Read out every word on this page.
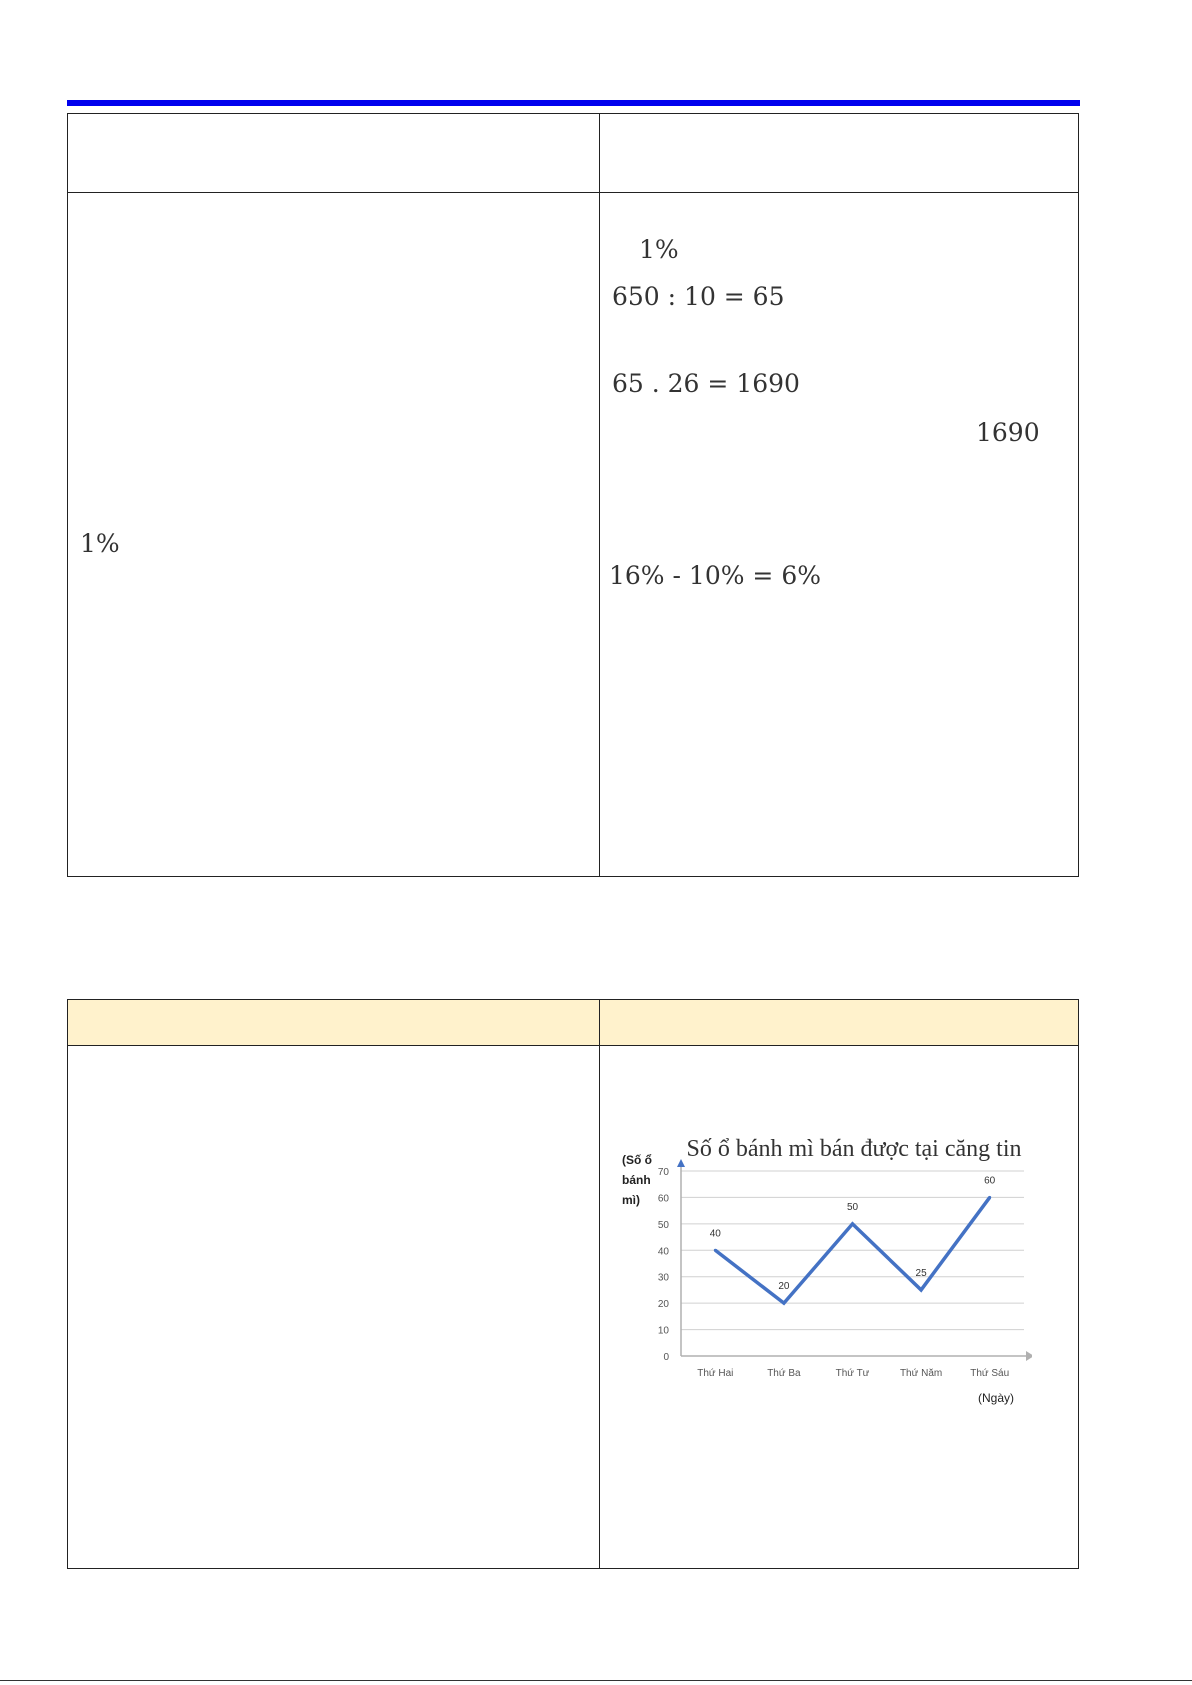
1%
1%
650 : 10 = 65
65 . 26 = 1690
1690
16% - 10% = 6%
Số ổ bánh mì bán được tại căng tin
(Số ổ bánh mì)
0
10
20
30
40
50
60
70
Thứ Hai	Thứ Ba	Thứ Tư	Thứ Năm	Thứ Sáu
(Ngày)
40
20
50
25
60
